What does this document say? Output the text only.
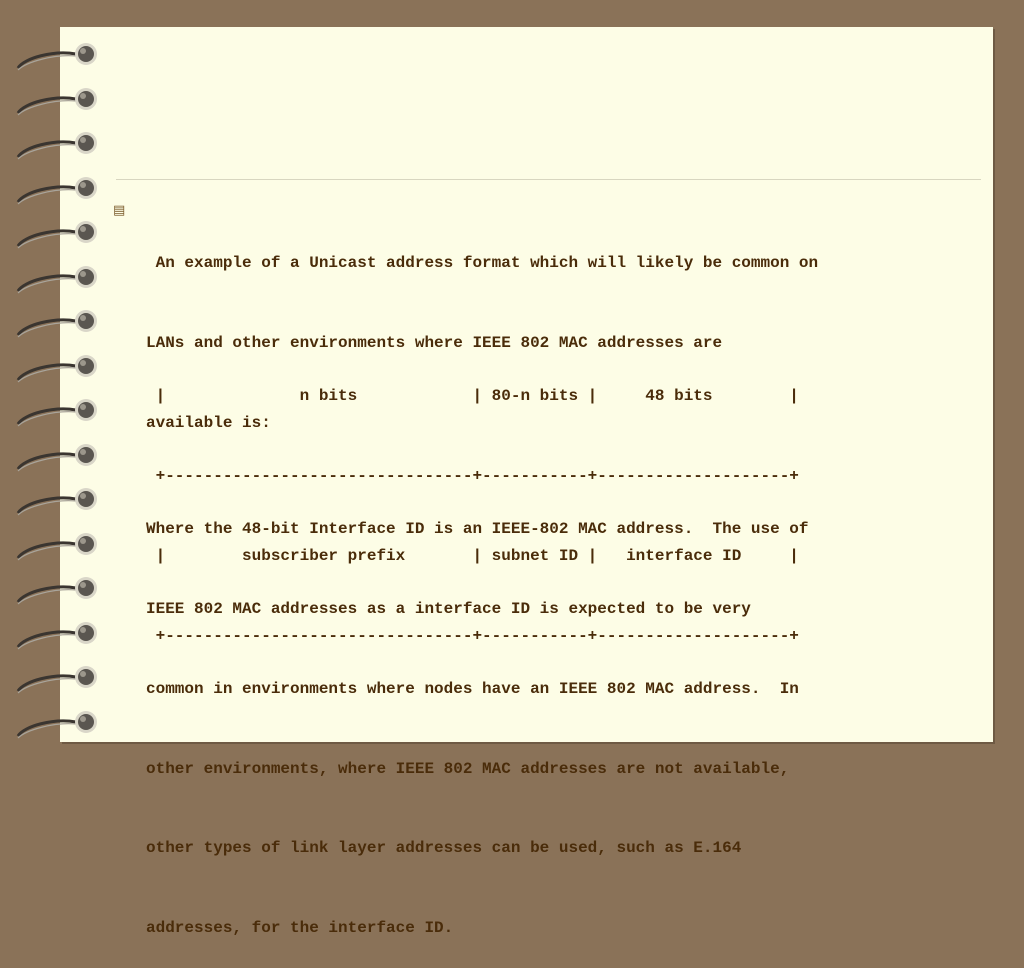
▤

An example of a Unicast address format which will likely be common on

LANs and other environments where IEEE 802 MAC addresses are

available is:

|              n bits            | 80-n bits |     48 bits        |

+--------------------------------+-----------+--------------------+

|        subscriber prefix       | subnet ID |   interface ID     |

+--------------------------------+-----------+--------------------+

Where the 48-bit Interface ID is an IEEE-802 MAC address.  The use of

IEEE 802 MAC addresses as a interface ID is expected to be very

common in environments where nodes have an IEEE 802 MAC address.  In

other environments, where IEEE 802 MAC addresses are not available,

other types of link layer addresses can be used, such as E.164

addresses, for the interface ID.
